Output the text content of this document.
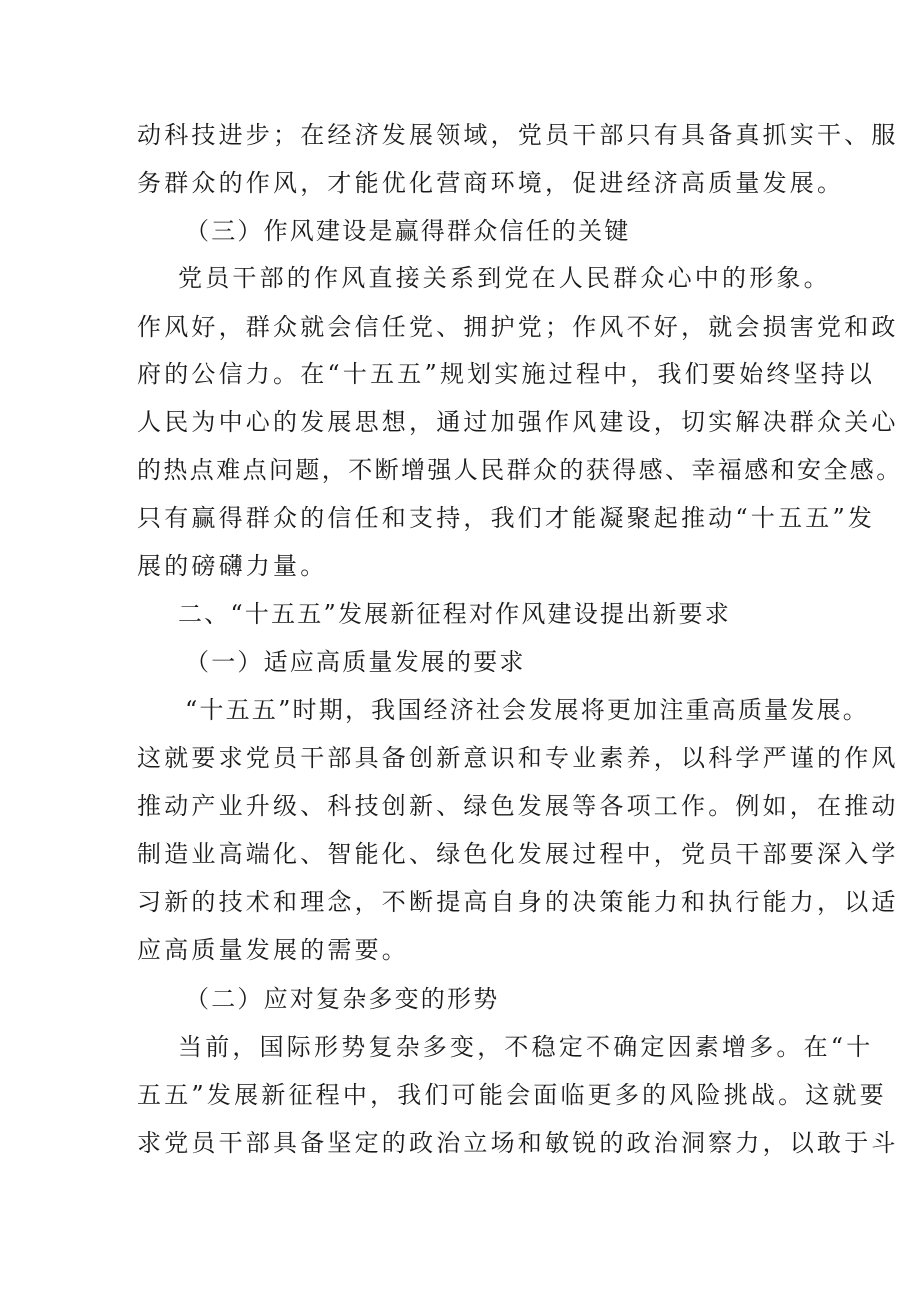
动科技进步；在经济发展领域，党员干部只有具备真抓实干、服
务群众的作风，才能优化营商环境，促进经济高质量发展。
（三）作风建设是赢得群众信任的关键
党员干部的作风直接关系到党在人民群众心中的形象。
作风好，群众就会信任党、拥护党；作风不好，就会损害党和政
府的公信力。在“十五五”规划实施过程中，我们要始终坚持以
人民为中心的发展思想，通过加强作风建设，切实解决群众关心
的热点难点问题，不断增强人民群众的获得感、幸福感和安全感。
只有赢得群众的信任和支持，我们才能凝聚起推动“十五五”发
展的磅礴力量。
二、“十五五”发展新征程对作风建设提出新要求
（一）适应高质量发展的要求
“十五五”时期，我国经济社会发展将更加注重高质量发展。
这就要求党员干部具备创新意识和专业素养，以科学严谨的作风
推动产业升级、科技创新、绿色发展等各项工作。例如，在推动
制造业高端化、智能化、绿色化发展过程中，党员干部要深入学
习新的技术和理念，不断提高自身的决策能力和执行能力，以适
应高质量发展的需要。
（二）应对复杂多变的形势
当前，国际形势复杂多变，不稳定不确定因素增多。在“十
五五”发展新征程中，我们可能会面临更多的风险挑战。这就要
求党员干部具备坚定的政治立场和敏锐的政治洞察力，以敢于斗
